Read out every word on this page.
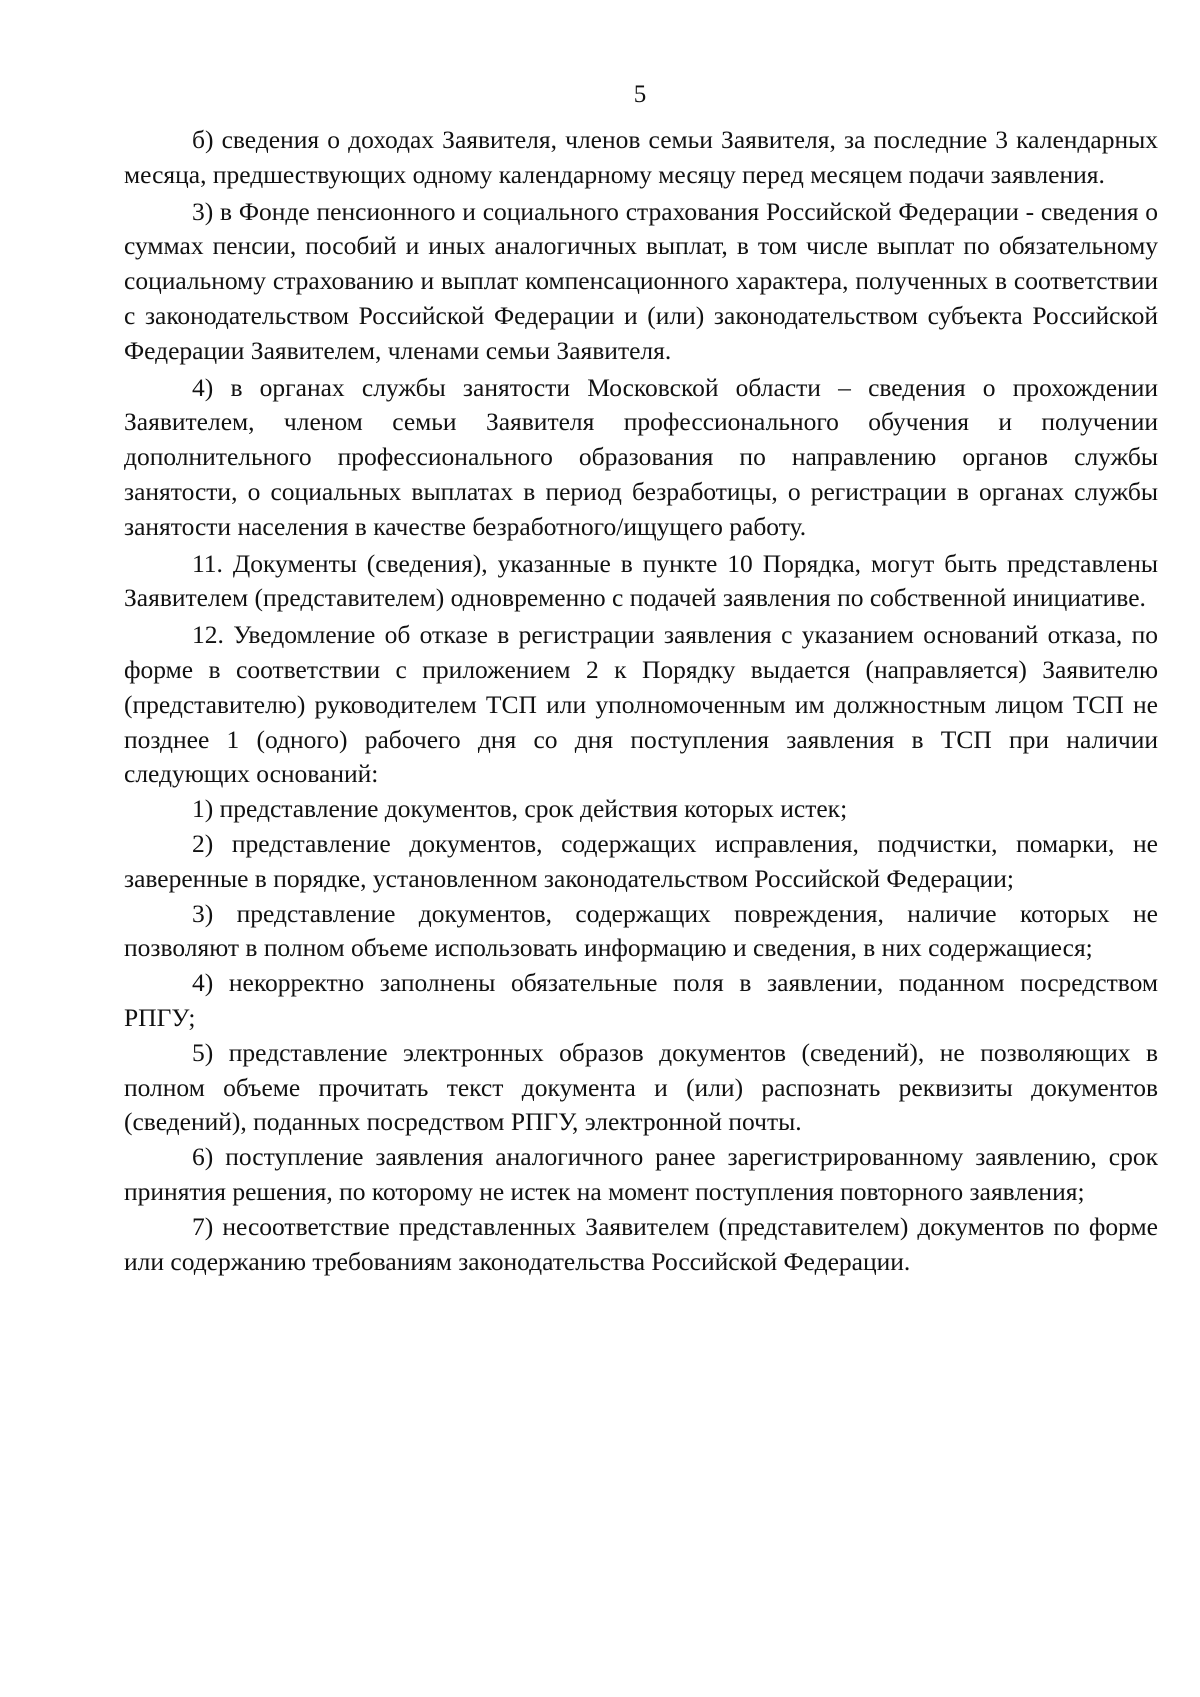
5

б) сведения о доходах Заявителя, членов семьи Заявителя, за последние 3 календарных месяца, предшествующих одному календарному месяцу перед месяцем подачи заявления.

3) в Фонде пенсионного и социального страхования Российской Федерации - сведения о суммах пенсии, пособий и иных аналогичных выплат, в том числе выплат по обязательному социальному страхованию и выплат компенсационного характера, полученных в соответствии с законодательством Российской Федерации и (или) законодательством субъекта Российской Федерации Заявителем, членами семьи Заявителя.

4) в органах службы занятости Московской области – сведения о прохождении Заявителем, членом семьи Заявителя профессионального обучения и получении дополнительного профессионального образования по направлению органов службы занятости, о социальных выплатах в период безработицы, о регистрации в органах службы занятости населения в качестве безработного/ищущего работу.

11. Документы (сведения), указанные в пункте 10 Порядка, могут быть представлены Заявителем (представителем) одновременно с подачей заявления по собственной инициативе.

12. Уведомление об отказе в регистрации заявления с указанием оснований отказа, по форме в соответствии с приложением 2 к Порядку выдается (направляется) Заявителю (представителю) руководителем ТСП или уполномоченным им должностным лицом ТСП не позднее 1 (одного) рабочего дня со дня поступления заявления в ТСП при наличии следующих оснований:

1) представление документов, срок действия которых истек;

2) представление документов, содержащих исправления, подчистки, помарки, не заверенные в порядке, установленном законодательством Российской Федерации;

3) представление документов, содержащих повреждения, наличие которых не позволяют в полном объеме использовать информацию и сведения, в них содержащиеся;

4) некорректно заполнены обязательные поля в заявлении, поданном посредством РПГУ;

5) представление электронных образов документов (сведений), не позволяющих в полном объеме прочитать текст документа и (или) распознать реквизиты документов (сведений), поданных посредством РПГУ, электронной почты.

6) поступление заявления аналогичного ранее зарегистрированному заявлению, срок принятия решения, по которому не истек на момент поступления повторного заявления;

7) несоответствие представленных Заявителем (представителем) документов по форме или содержанию требованиям законодательства Российской Федерации.
